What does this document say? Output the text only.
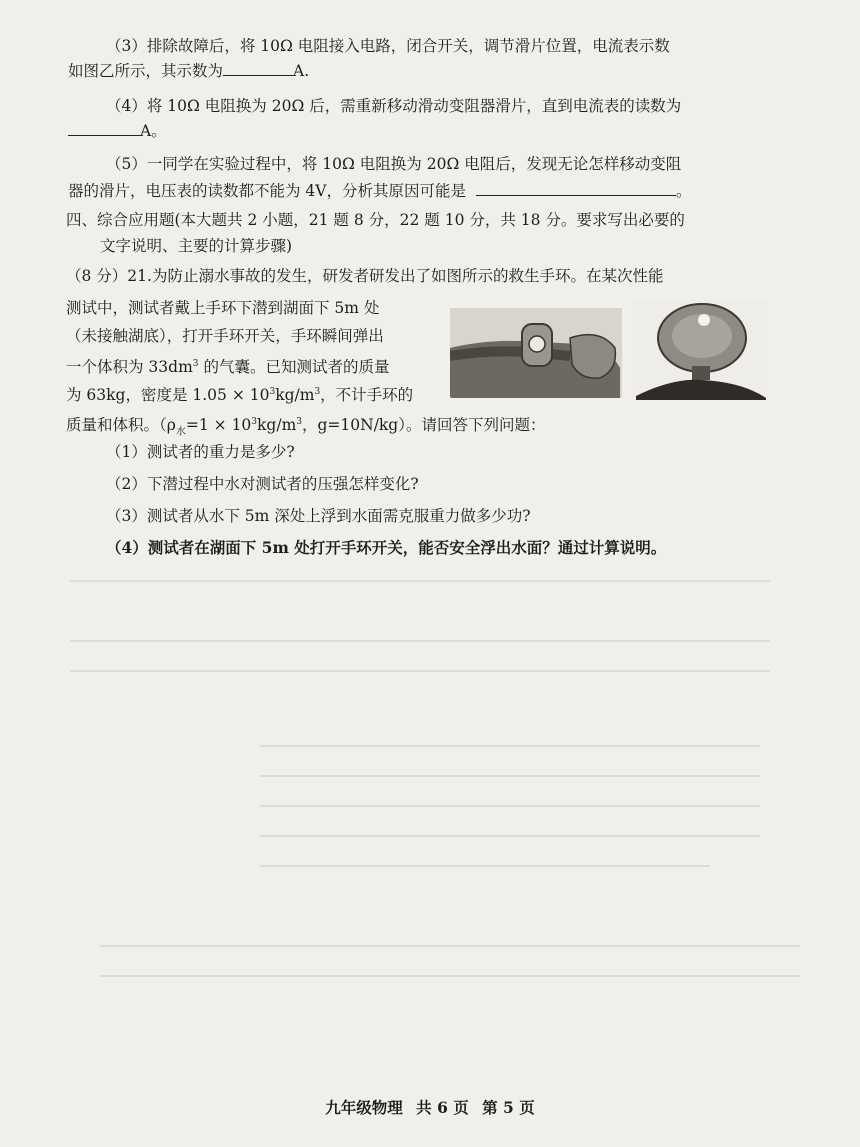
（3）排除故障后，将 10Ω 电阻接入电路，闭合开关，调节滑片位置，电流表示数
如图乙所示，其示数为	A.
（4）将 10Ω 电阻换为 20Ω 后，需重新移动滑动变阻器滑片，直到电流表的读数为
A。
（5）一同学在实验过程中，将 10Ω 电阻换为 20Ω 电阻后，发现无论怎样移动变阻
器的滑片，电压表的读数都不能为 4V，分析其原因可能是	。
四、综合应用题(本大题共 2 小题，21 题 8 分，22 题 10 分，共 18 分。要求写出必要的
文字说明、主要的计算步骤)
（8 分）21.为防止溺水事故的发生，研发者研发出了如图所示的救生手环。在某次性能
测试中，测试者戴上手环下潜到湖面下 5m 处
（未接触湖底），打开手环开关，手环瞬间弹出
一个体积为 $33dm^3$ 的气囊。已知测试者的质量
为 63kg，密度是 $1.05 \times 10^3kg/m^3$，不计手环的
质量和体积。（$\rho_水=1 \times 10^3kg/m^3$，g=10N/kg）。请回答下列问题：
（1）测试者的重力是多少?
（2）下潜过程中水对测试者的压强怎样变化?
（3）测试者从水下 5m 深处上浮到水面需克服重力做多少功?
（4）测试者在湖面下 5m 处打开手环开关，能否安全浮出水面？通过计算说明。
九年级物理 共 6 页 第 5 页
